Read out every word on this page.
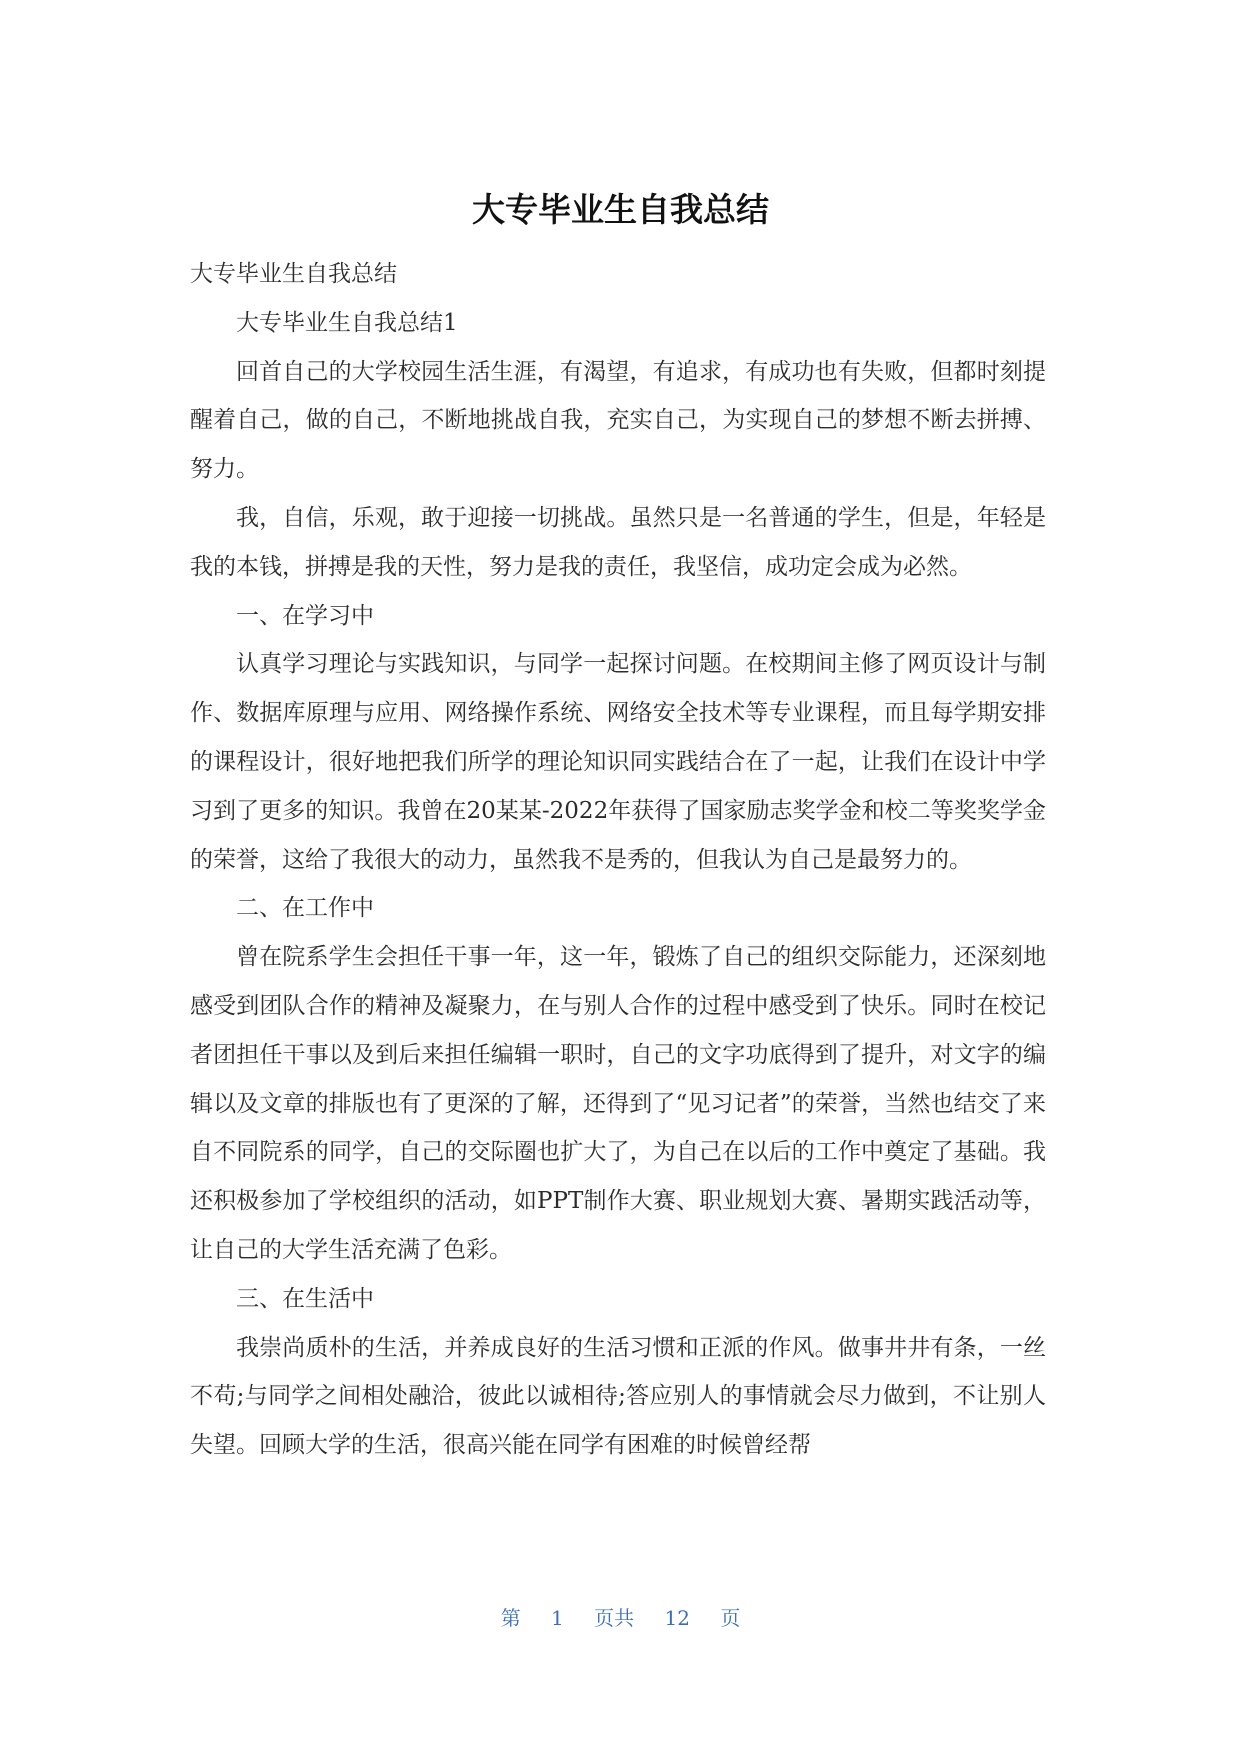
大专毕业生自我总结

大专毕业生自我总结

大专毕业生自我总结1

回首自己的大学校园生活生涯，有渴望，有追求，有成功也有失败，但都时刻提醒着自己，做的自己，不断地挑战自我，充实自己，为实现自己的梦想不断去拼搏、努力。

我，自信，乐观，敢于迎接一切挑战。虽然只是一名普通的学生，但是，年轻是我的本钱，拼搏是我的天性，努力是我的责任，我坚信，成功定会成为必然。

一、在学习中

认真学习理论与实践知识，与同学一起探讨问题。在校期间主修了网页设计与制作、数据库原理与应用、网络操作系统、网络安全技术等专业课程，而且每学期安排的课程设计，很好地把我们所学的理论知识同实践结合在了一起，让我们在设计中学习到了更多的知识。我曾在20某某-2022年获得了国家励志奖学金和校二等奖奖学金的荣誉，这给了我很大的动力，虽然我不是秀的，但我认为自己是最努力的。

二、在工作中

曾在院系学生会担任干事一年，这一年，锻炼了自己的组织交际能力，还深刻地感受到团队合作的精神及凝聚力，在与别人合作的过程中感受到了快乐。同时在校记者团担任干事以及到后来担任编辑一职时，自己的文字功底得到了提升，对文字的编辑以及文章的排版也有了更深的了解，还得到了“见习记者”的荣誉，当然也结交了来自不同院系的同学，自己的交际圈也扩大了，为自己在以后的工作中奠定了基础。我还积极参加了学校组织的活动，如PPT制作大赛、职业规划大赛、暑期实践活动等，让自己的大学生活充满了色彩。

三、在生活中

我崇尚质朴的生活，并养成良好的生活习惯和正派的作风。做事井井有条，一丝不苟;与同学之间相处融洽，彼此以诚相待;答应别人的事情就会尽力做到，不让别人失望。回顾大学的生活，很高兴能在同学有困难的时候曾经帮

第 1 页共 12 页
